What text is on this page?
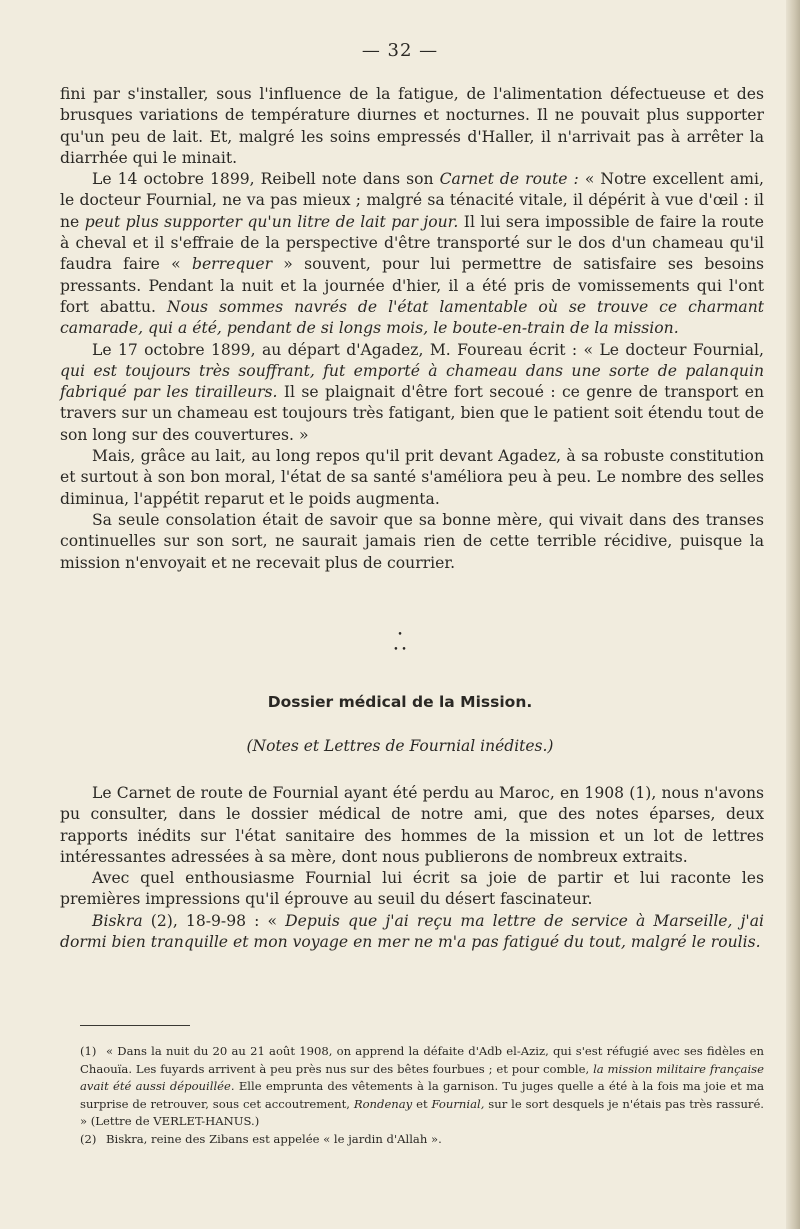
— 32 —

fini par s'installer, sous l'influence de la fatigue, de l'alimentation défectueuse et des brusques variations de température diurnes et nocturnes. Il ne pouvait plus supporter qu'un peu de lait. Et, malgré les soins empressés d'Haller, il n'arrivait pas à arrêter la diarrhée qui le minait.

Le 14 octobre 1899, Reibell note dans son Carnet de route : « Notre excellent ami, le docteur Fournial, ne va pas mieux ; malgré sa ténacité vitale, il dépérit à vue d'œil : il ne peut plus supporter qu'un litre de lait par jour. Il lui sera impossible de faire la route à cheval et il s'effraie de la perspective d'être transporté sur le dos d'un chameau qu'il faudra faire « berrequer » souvent, pour lui permettre de satisfaire ses besoins pressants. Pendant la nuit et la journée d'hier, il a été pris de vomissements qui l'ont fort abattu. Nous sommes navrés de l'état lamentable où se trouve ce charmant camarade, qui a été, pendant de si longs mois, le boute-en-train de la mission.

Le 17 octobre 1899, au départ d'Agadez, M. Foureau écrit : « Le docteur Fournial, qui est toujours très souffrant, fut emporté à chameau dans une sorte de palanquin fabriqué par les tirailleurs. Il se plaignait d'être fort secoué : ce genre de transport en travers sur un chameau est toujours très fatigant, bien que le patient soit étendu tout de son long sur des couvertures. »

Mais, grâce au lait, au long repos qu'il prit devant Agadez, à sa robuste constitution et surtout à son bon moral, l'état de sa santé s'améliora peu à peu. Le nombre des selles diminua, l'appétit reparut et le poids augmenta.

Sa seule consolation était de savoir que sa bonne mère, qui vivait dans des transes continuelles sur son sort, ne saurait jamais rien de cette terrible récidive, puisque la mission n'envoyait et ne recevait plus de courrier.

•
• •
Dossier médical de la Mission.
(Notes et Lettres de Fournial inédites.)

Le Carnet de route de Fournial ayant été perdu au Maroc, en 1908 (1), nous n'avons pu consulter, dans le dossier médical de notre ami, que des notes éparses, deux rapports inédits sur l'état sanitaire des hommes de la mission et un lot de lettres intéressantes adressées à sa mère, dont nous publierons de nombreux extraits.

Avec quel enthousiasme Fournial lui écrit sa joie de partir et lui raconte les premières impressions qu'il éprouve au seuil du désert fascinateur.

Biskra (2), 18-9-98 : « Depuis que j'ai reçu ma lettre de service à Marseille, j'ai dormi bien tranquille et mon voyage en mer ne m'a pas fatigué du tout, malgré le roulis.

(1) « Dans la nuit du 20 au 21 août 1908, on apprend la défaite d'Adb el-Aziz, qui s'est réfugié avec ses fidèles en Chaouïa. Les fuyards arrivent à peu près nus sur des bêtes fourbues ; et pour comble, la mission militaire française avait été aussi dépouillée. Elle emprunta des vêtements à la garnison. Tu juges quelle a été à la fois ma joie et ma surprise de retrouver, sous cet accoutrement, Rondenay et Fournial, sur le sort desquels je n'étais pas très rassuré. » (Lettre de VERLET-HANUS.)

(2) Biskra, reine des Zibans est appelée « le jardin d'Allah ».
